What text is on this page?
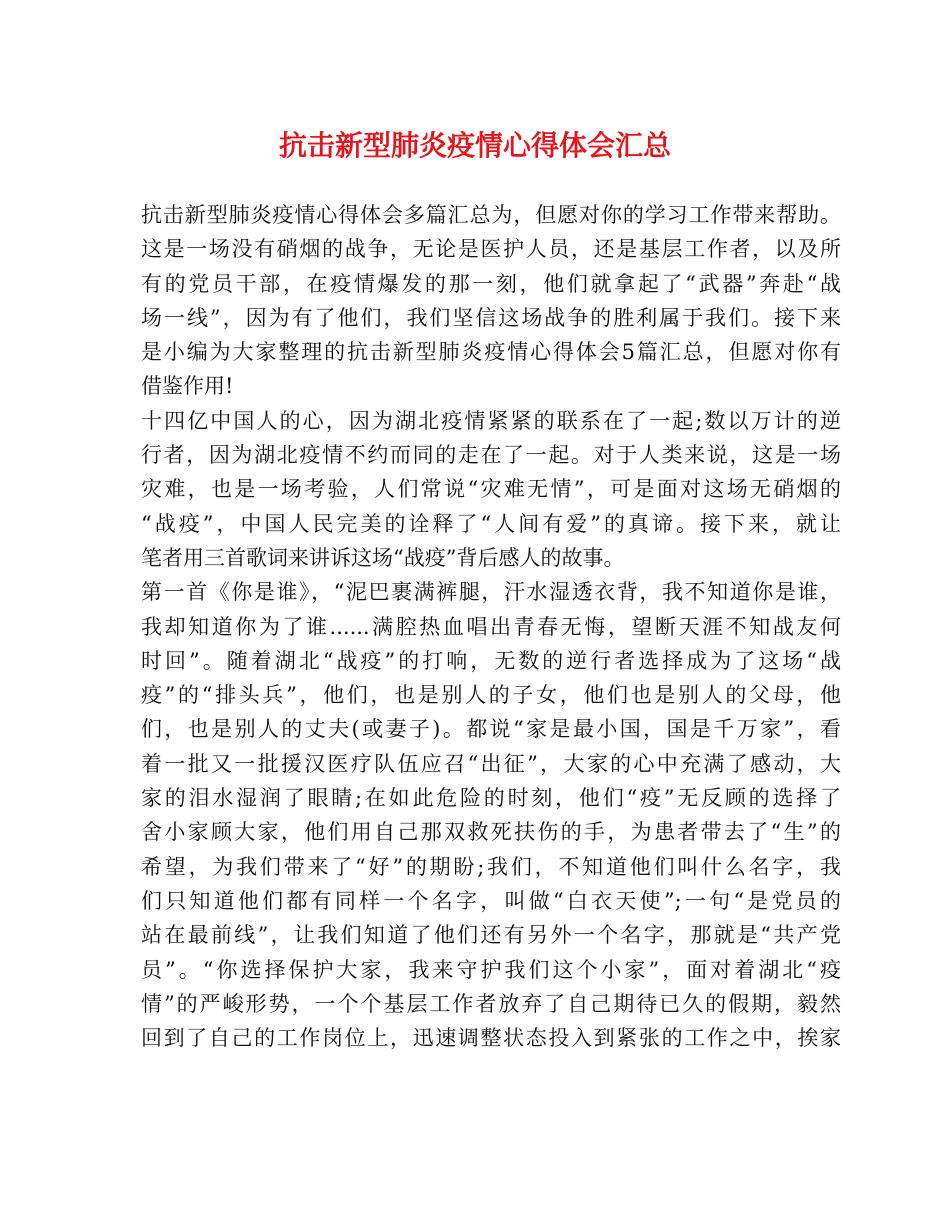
抗击新型肺炎疫情心得体会汇总
抗击新型肺炎疫情心得体会多篇汇总为，但愿对你的学习工作带来帮助。
这是一场没有硝烟的战争，无论是医护人员，还是基层工作者，以及所
有的党员干部，在疫情爆发的那一刻，他们就拿起了“武器”奔赴“战
场一线”，因为有了他们，我们坚信这场战争的胜利属于我们。接下来
是小编为大家整理的抗击新型肺炎疫情心得体会5篇汇总，但愿对你有
借鉴作用!
十四亿中国人的心，因为湖北疫情紧紧的联系在了一起;数以万计的逆
行者，因为湖北疫情不约而同的走在了一起。对于人类来说，这是一场
灾难，也是一场考验，人们常说“灾难无情”，可是面对这场无硝烟的
“战疫”，中国人民完美的诠释了“人间有爱”的真谛。接下来，就让
笔者用三首歌词来讲诉这场“战疫”背后感人的故事。
第一首《你是谁》，“泥巴裹满裤腿，汗水湿透衣背，我不知道你是谁，
我却知道你为了谁......满腔热血唱出青春无悔，望断天涯不知战友何
时回”。随着湖北“战疫”的打响，无数的逆行者选择成为了这场“战
疫”的“排头兵”，他们，也是别人的子女，他们也是别人的父母，他
们，也是别人的丈夫(或妻子)。都说“家是最小国，国是千万家”，看
着一批又一批援汉医疗队伍应召“出征”，大家的心中充满了感动，大
家的泪水湿润了眼睛;在如此危险的时刻，他们“疫”无反顾的选择了
舍小家顾大家，他们用自己那双救死扶伤的手，为患者带去了“生”的
希望，为我们带来了“好”的期盼;我们，不知道他们叫什么名字，我
们只知道他们都有同样一个名字，叫做“白衣天使”;一句“是党员的
站在最前线”，让我们知道了他们还有另外一个名字，那就是“共产党
员”。“你选择保护大家，我来守护我们这个小家”，面对着湖北“疫
情”的严峻形势，一个个基层工作者放弃了自己期待已久的假期，毅然
回到了自己的工作岗位上，迅速调整状态投入到紧张的工作之中，挨家
